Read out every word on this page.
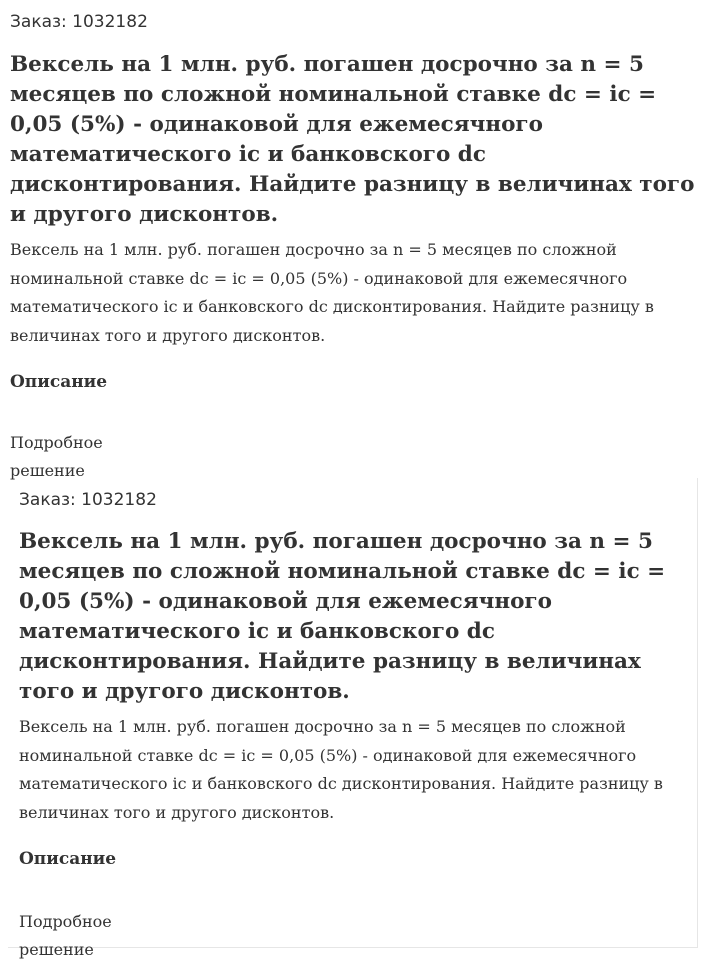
Заказ: 1032182

Вексель на 1 млн. руб. погашен досрочно за n = 5 месяцев по сложной номинальной ставке dc = ic = 0,05 (5%) - одинаковой для ежемесячного математического ic и банковского dc дисконтирования. Найдите разницу в величинах того и другого дисконтов.

Вексель на 1 млн. руб. погашен досрочно за n = 5 месяцев по сложной номинальной ставке dc = ic = 0,05 (5%) - одинаковой для ежемесячного математического ic и банковского dc дисконтирования. Найдите разницу в величинах того и другого дисконтов.

Описание

Подробное решение

Заказ: 1032182

Вексель на 1 млн. руб. погашен досрочно за n = 5 месяцев по сложной номинальной ставке dc = ic = 0,05 (5%) - одинаковой для ежемесячного математического ic и банковского dc дисконтирования. Найдите разницу в величинах того и другого дисконтов.

Вексель на 1 млн. руб. погашен досрочно за n = 5 месяцев по сложной номинальной ставке dc = ic = 0,05 (5%) - одинаковой для ежемесячного математического ic и банковского dc дисконтирования. Найдите разницу в величинах того и другого дисконтов.

Описание

Подробное решение
